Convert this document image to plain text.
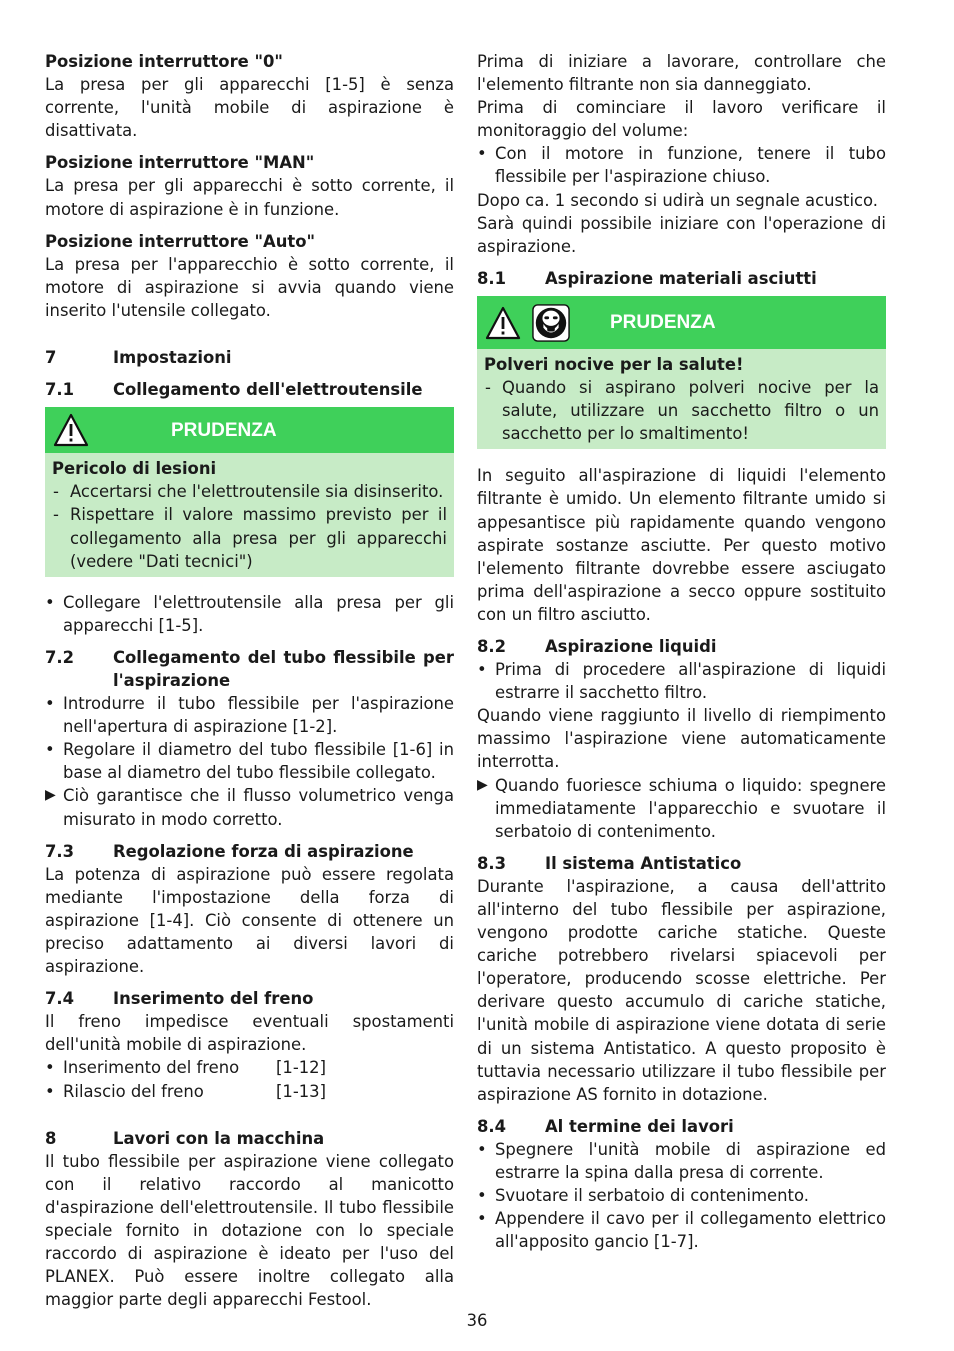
Posizione interruttore "0"

La presa per gli apparecchi [1-5] è senza corrente, l'unità mobile di aspirazione è disattivata.

Posizione interruttore "MAN"

La presa per gli apparecchi è sotto corrente, il motore di aspirazione è in funzione.

Posizione interruttore "Auto"

La presa per l'apparecchio è sotto corrente, il motore di aspirazione si avvia quando viene inserito l'utensile collegato.

7	Impostazioni
7.1	Collegamento dell'elettroutensile
PRUDENZA

Pericolo di lesioni

- Accertarsi che l'elettroutensile sia disinserito.
- Rispettare il valore massimo previsto per il collegamento alla presa per gli apparecchi (vedere "Dati tecnici")
• Collegare l'elettroutensile alla presa per gli apparecchi [1-5].
7.2	Collegamento del tubo flessibile per l'aspirazione
• Introdurre il tubo flessibile per l'aspirazione nell'apertura di aspirazione [1-2].
• Regolare il diametro del tubo flessibile [1-6] in base al diametro del tubo flessibile collegato.
▶ Ciò garantisce che il flusso volumetrico venga misurato in modo corretto.
7.3	Regolazione forza di aspirazione

La potenza di aspirazione può essere regolata mediante l'impostazione della forza di aspirazione [1-4]. Ciò consente di ottenere un preciso adattamento ai diversi lavori di aspirazione.

7.4	Inserimento del freno

Il freno impedisce eventuali spostamenti dell'unità mobile di aspirazione.

• Inserimento del freno	[1-12]
• Rilascio del freno	[1-13]
8	Lavori con la macchina

Il tubo flessibile per aspirazione viene collegato con il relativo raccordo al manicotto d'aspirazione dell'elettroutensile. Il tubo flessibile speciale fornito in dotazione con lo speciale raccordo di aspirazione è ideato per l'uso del PLANEX. Può essere inoltre collegato alla maggior parte degli apparecchi Festool.

Prima di iniziare a lavorare, controllare che l'elemento filtrante non sia danneggiato.

Prima di cominciare il lavoro verificare il monitoraggio del volume:

• Con il motore in funzione, tenere il tubo flessibile per l'aspirazione chiuso.

Dopo ca. 1 secondo si udirà un segnale acustico.

Sarà quindi possibile iniziare con l'operazione di aspirazione.

8.1	Aspirazione materiali asciutti
PRUDENZA

Polveri nocive per la salute!

- Quando si aspirano polveri nocive per la salute, utilizzare un sacchetto filtro o un sacchetto per lo smaltimento!

In seguito all'aspirazione di liquidi l'elemento filtrante è umido. Un elemento filtrante umido si appesantisce più rapidamente quando vengono aspirate sostanze asciutte. Per questo motivo l'elemento filtrante dovrebbe essere asciugato prima dell'aspirazione a secco oppure sostituito con un filtro asciutto.

8.2	Aspirazione liquidi
• Prima di procedere all'aspirazione di liquidi estrarre il sacchetto filtro.

Quando viene raggiunto il livello di riempimento massimo l'aspirazione viene automaticamente interrotta.

▶ Quando fuoriesce schiuma o liquido: spegnere immediatamente l'apparecchio e svuotare il serbatoio di contenimento.
8.3	Il sistema Antistatico

Durante l'aspirazione, a causa dell'attrito all'interno del tubo flessibile per aspirazione, vengono prodotte cariche statiche. Queste cariche potrebbero rivelarsi spiacevoli per l'operatore, producendo scosse elettriche. Per derivare questo accumulo di cariche statiche, l'unità mobile di aspirazione viene dotata di serie di un sistema Antistatico. A questo proposito è tuttavia necessario utilizzare il tubo flessibile per aspirazione AS fornito in dotazione.

8.4	Al termine dei lavori
• Spegnere l'unità mobile di aspirazione ed estrarre la spina dalla presa di corrente.
• Svuotare il serbatoio di contenimento.
• Appendere il cavo per il collegamento elettrico all'apposito gancio [1-7].
36
